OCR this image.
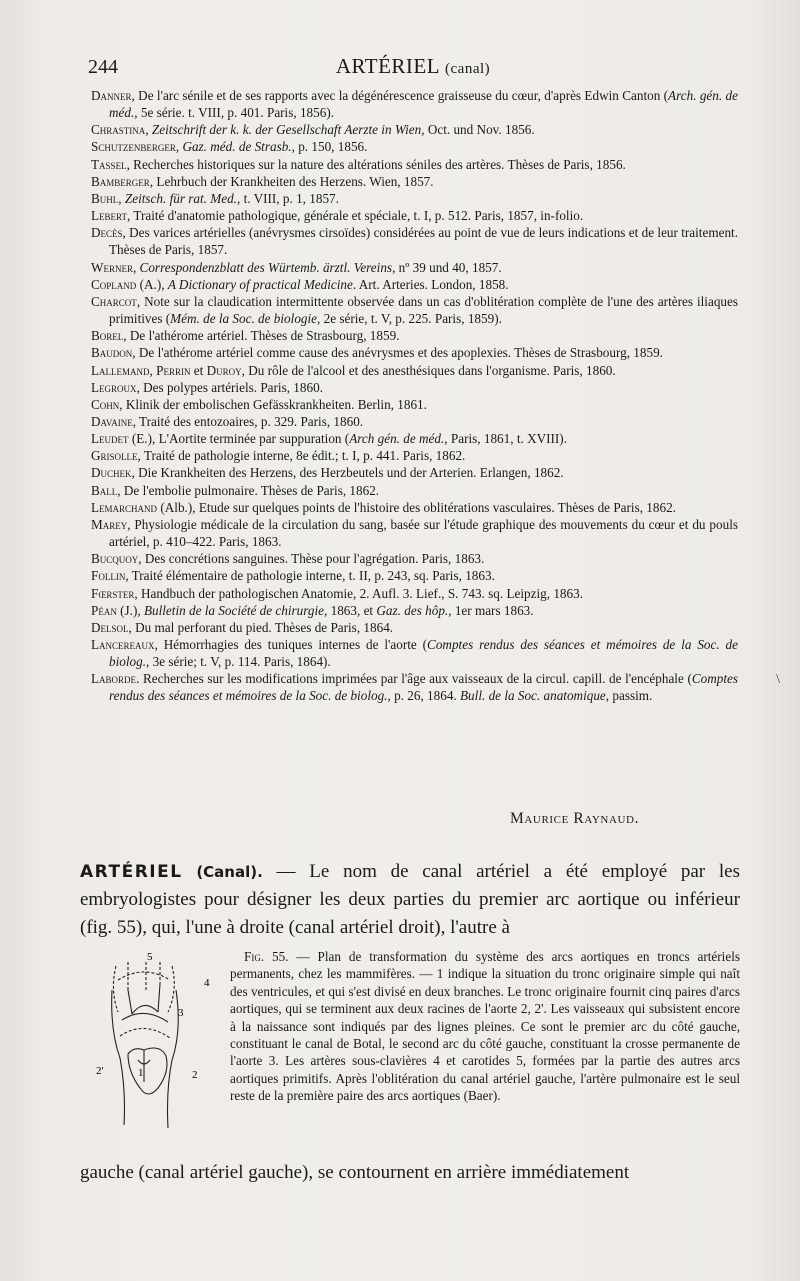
244	ARTÉRIEL (canal)
Danner, De l'arc sénile et de ses rapports avec la dégénérescence graisseuse du cœur, d'après Edwin Canton (Arch. gén. de méd., 5e série. t. VIII, p. 401. Paris, 1856).
Chrastina, Zeitschrift der k. k. der Gesellschaft Aerzte in Wien, Oct. und Nov. 1856.
Schutzenberger, Gaz. méd. de Strasb., p. 150, 1856.
Tassel, Recherches historiques sur la nature des altérations séniles des artères. Thèses de Paris, 1856.
Bamberger, Lehrbuch der Krankheiten des Herzens. Wien, 1857.
Buhl, Zeitsch. für rat. Med., t. VIII, p. 1, 1857.
Lebert, Traité d'anatomie pathologique, générale et spéciale, t. I, p. 512. Paris, 1857, in-folio.
Decès, Des varices artérielles (anévrysmes cirsoïdes) considérées au point de vue de leurs indications et de leur traitement. Thèses de Paris, 1857.
Werner, Correspondenzblatt des Würtemb. ärztl. Vereins, nº 39 und 40, 1857.
Copland (A.), A Dictionary of practical Medicine. Art. Arteries. London, 1858.
Charcot, Note sur la claudication intermittente observée dans un cas d'oblitération complète de l'une des artères iliaques primitives (Mém. de la Soc. de biologie, 2e série, t. V, p. 225. Paris, 1859).
Borel, De l'athérome artériel. Thèses de Strasbourg, 1859.
Baudon, De l'athérome artériel comme cause des anévrysmes et des apoplexies. Thèses de Strasbourg, 1859.
Lallemand, Perrin et Duroy, Du rôle de l'alcool et des anesthésiques dans l'organisme. Paris, 1860.
Legroux, Des polypes artériels. Paris, 1860.
Cohn, Klinik der embolischen Gefässkrankheiten. Berlin, 1861.
Davaine, Traité des entozoaires, p. 329. Paris, 1860.
Leudet (E.), L'Aortite terminée par suppuration (Arch gén. de méd., Paris, 1861, t. XVIII).
Grisolle, Traité de pathologie interne, 8e édit.; t. I, p. 441. Paris, 1862.
Duchek, Die Krankheiten des Herzens, des Herzbeutels und der Arterien. Erlangen, 1862.
Ball, De l'embolie pulmonaire. Thèses de Paris, 1862.
Lemarchand (Alb.), Etude sur quelques points de l'histoire des oblitérations vasculaires. Thèses de Paris, 1862.
Marey, Physiologie médicale de la circulation du sang, basée sur l'étude graphique des mouvements du cœur et du pouls artériel, p. 410–422. Paris, 1863.
Bucquoy, Des concrétions sanguines. Thèse pour l'agrégation. Paris, 1863.
Follin, Traité élémentaire de pathologie interne, t. II, p. 243, sq. Paris, 1863.
Fœrster, Handbuch der pathologischen Anatomie, 2. Aufl. 3. Lief., S. 743. sq. Leipzig, 1863.
Péan (J.), Bulletin de la Société de chirurgie, 1863, et Gaz. des hôp., 1er mars 1863.
Delsol, Du mal perforant du pied. Thèses de Paris, 1864.
Lancereaux, Hémorrhagies des tuniques internes de l'aorte (Comptes rendus des séances et mémoires de la Soc. de biolog., 3e série; t. V, p. 114. Paris, 1864).
Laborde. Recherches sur les modifications imprimées par l'âge aux vaisseaux de la circul. capill. de l'encéphale (Comptes rendus des séances et mémoires de la Soc. de biolog., p. 26, 1864. Bull. de la Soc. anatomique, passim.
Maurice Raynaud.
ARTÉRIEL (Canal). — Le nom de canal artériel a été employé par les embryologistes pour désigner les deux parties du premier arc aortique ou inférieur (fig. 55), qui, l'une à droite (canal artériel droit), l'autre à
2'
4
5
1	2
3
Fig. 55. — Plan de transformation du système des arcs aortiques en troncs artériels permanents, chez les mammifères. — 1 indique la situation du tronc originaire simple qui naît des ventricules, et qui s'est divisé en deux branches. Le tronc originaire fournit cinq paires d'arcs aortiques, qui se terminent aux deux racines de l'aorte 2, 2'. Les vaisseaux qui subsistent encore à la naissance sont indiqués par des lignes pleines. Ce sont le premier arc du côté gauche, constituant le canal de Botal, le second arc du côté gauche, constituant la crosse permanente de l'aorte 3. Les artères sous-clavières 4 et carotides 5, formées par la partie des autres arcs aortiques primitifs. Après l'oblitération du canal artériel gauche, l'artère pulmonaire est le seul reste de la première paire des arcs aortiques (Baer).
gauche (canal artériel gauche), se contournent en arrière immédiatement
\
